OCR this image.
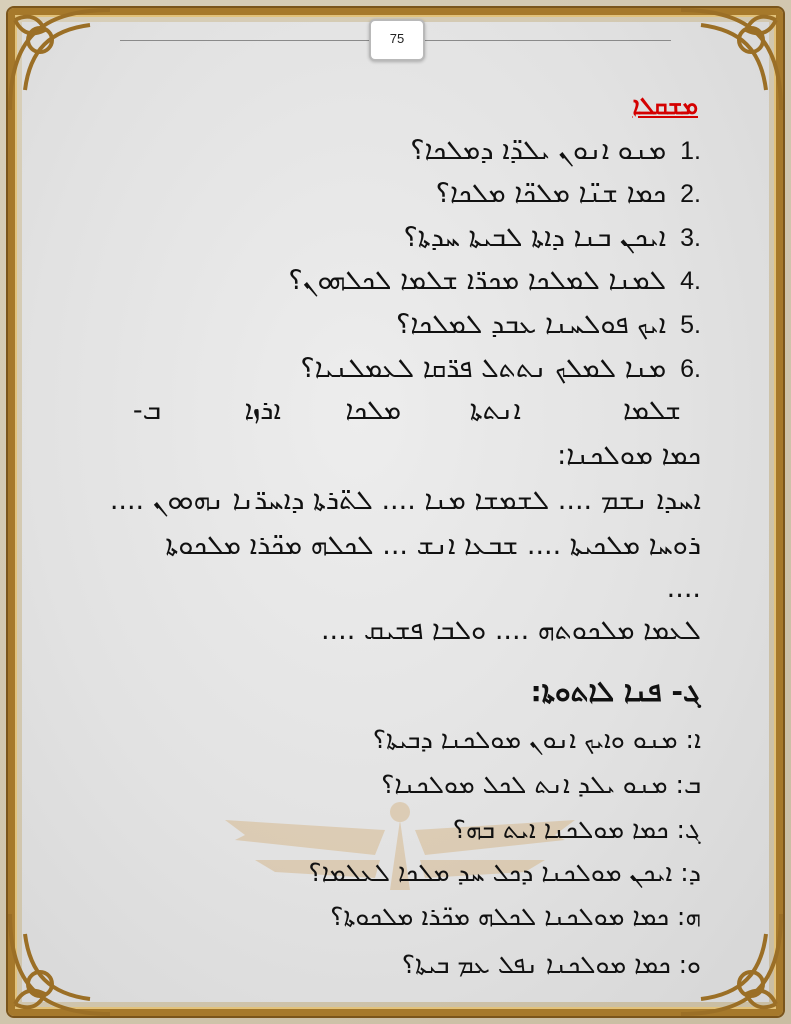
75
ܡܫܩܠܐ
1.
ܡܢܘ ܐܢܘܢ ܝܠܕ̈ܐ ܕܡܠܟܐ؟
2.
ܟܡܐ ܫܢ̈ܐ ܡܠܟ̈ܐ ܡܠܟܐ؟
3.
ܐܝܟܢ ܒܢܐ ܕܐܬܐ ܠܒܝܬܐ ܚܕܬܐ؟
4.
ܠܡܢܐ ܠܡܠܟܐ ܡܟܪ̈ܐ ܫܠܡܐ ܠܟܠܗܘܢ؟
5.
ܐܝܟ ܦܘܠܚܢܐ ܥܒܕ ܠܡܠܟܐ؟
6.
ܡܢܐ ܠܡܠܟ ܢܬܬܠ ܦܪ̈ܩܐ ܠܥܡܠܢܝܐ؟
ܒ-	ܐܪܙܐ ܡܠܟܐ	ܐܢܬܬܐ	ܫܠܡܐ
ܟܡܐ ܡܘܠܟܢܐ:
ܐܚܕܐ ܢܫܡ .... ܠܫܡܫܐ ܡܢܐ .... ܠܬ̈ܪܬܐ ܕܐܚܪ̈ܢܐ ܢܗܘܘܢ ....
ܪܘܚܐ ܡܠܟܝܬܐ .... ܫܒܥܐ ܐܢܫ ... ܠܟܠܗ ܡܟ̈ܪܐ ܡܠܟܘܬܐ
....
ܠܥܡܐ ܡܠܟܘܬܗ .... ܘܠܒܐ ܦܫܝܩ ....
ܓ- ܦܢܐ ܠܐܬܘܬܐ:
ܐ: ܡܢܘ ܘܐܝܟ ܐܢܘܢ ܡܘܠܟܢܐ ܕܒܝܬܐ؟
ܒ: ܡܢܘ ܝܠܕ ܐܢܬ ܠܟܠ ܡܘܠܟܢܐ؟
ܓ: ܟܡܐ ܡܘܠܟܢܐ ܐܝܬ ܒܗ؟
ܕ: ܐܝܟܢ ܡܘܠܟܢܐ ܕܟܠ ܚܕ ܡܠܟܐ ܠܥܠܡܐ؟
ܗ: ܟܡܐ ܡܘܠܟܢܐ ܠܟܠܗ ܡܟ̈ܪܐ ܡܠܟܘܬܐ؟
ܘ: ܟܡܐ ܡܘܠܟܢܐ ܢܦܠ ܥܡ ܒܝܬܐ؟
